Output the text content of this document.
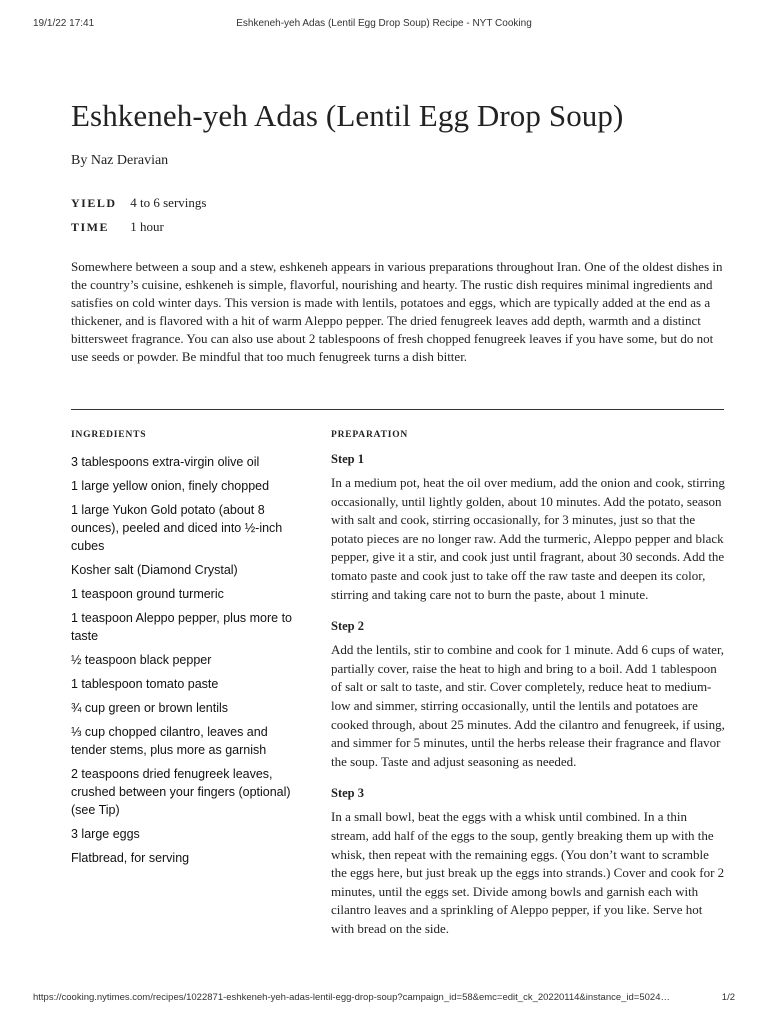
19/1/22 17:41	Eshkeneh-yeh Adas (Lentil Egg Drop Soup) Recipe - NYT Cooking
Eshkeneh-yeh Adas (Lentil Egg Drop Soup)
By Naz Deravian
YIELD 4 to 6 servings
TIME 1 hour

Somewhere between a soup and a stew, eshkeneh appears in various preparations throughout Iran. One of the oldest dishes in the country’s cuisine, eshkeneh is simple, flavorful, nourishing and hearty. The rustic dish requires minimal ingredients and satisfies on cold winter days. This version is made with lentils, potatoes and eggs, which are typically added at the end as a thickener, and is flavored with a hit of warm Aleppo pepper. The dried fenugreek leaves add depth, warmth and a distinct bittersweet fragrance. You can also use about 2 tablespoons of fresh chopped fenugreek leaves if you have some, but do not use seeds or powder. Be mindful that too much fenugreek turns a dish bitter.

INGREDIENTS	PREPARATION
3 tablespoons extra-virgin olive oil
1 large yellow onion, finely chopped
1 large Yukon Gold potato (about 8 ounces), peeled and diced into ½-inch cubes
Kosher salt (Diamond Crystal)
1 teaspoon ground turmeric
1 teaspoon Aleppo pepper, plus more to taste
½ teaspoon black pepper
1 tablespoon tomato paste
¾ cup green or brown lentils
⅓ cup chopped cilantro, leaves and tender stems, plus more as garnish
2 teaspoons dried fenugreek leaves, crushed between your fingers (optional) (see Tip)
3 large eggs
Flatbread, for serving
Step 1

In a medium pot, heat the oil over medium, add the onion and cook, stirring occasionally, until lightly golden, about 10 minutes. Add the potato, season with salt and cook, stirring occasionally, for 3 minutes, just so that the potato pieces are no longer raw. Add the turmeric, Aleppo pepper and black pepper, give it a stir, and cook just until fragrant, about 30 seconds. Add the tomato paste and cook just to take off the raw taste and deepen its color, stirring and taking care not to burn the paste, about 1 minute.

Step 2

Add the lentils, stir to combine and cook for 1 minute. Add 6 cups of water, partially cover, raise the heat to high and bring to a boil. Add 1 tablespoon of salt or salt to taste, and stir. Cover completely, reduce heat to medium-low and simmer, stirring occasionally, until the lentils and potatoes are cooked through, about 25 minutes. Add the cilantro and fenugreek, if using, and simmer for 5 minutes, until the herbs release their fragrance and flavor the soup. Taste and adjust seasoning as needed.

Step 3

In a small bowl, beat the eggs with a whisk until combined. In a thin stream, add half of the eggs to the soup, gently breaking them up with the whisk, then repeat with the remaining eggs. (You don’t want to scramble the eggs here, but just break up the eggs into strands.) Cover and cook for 2 minutes, until the eggs set. Divide among bowls and garnish each with cilantro leaves and a sprinkling of Aleppo pepper, if you like. Serve hot with bread on the side.

https://cooking.nytimes.com/recipes/1022871-eshkeneh-yeh-adas-lentil-egg-drop-soup?campaign_id=58&emc=edit_ck_20220114&instance_id=5024…	1/2
